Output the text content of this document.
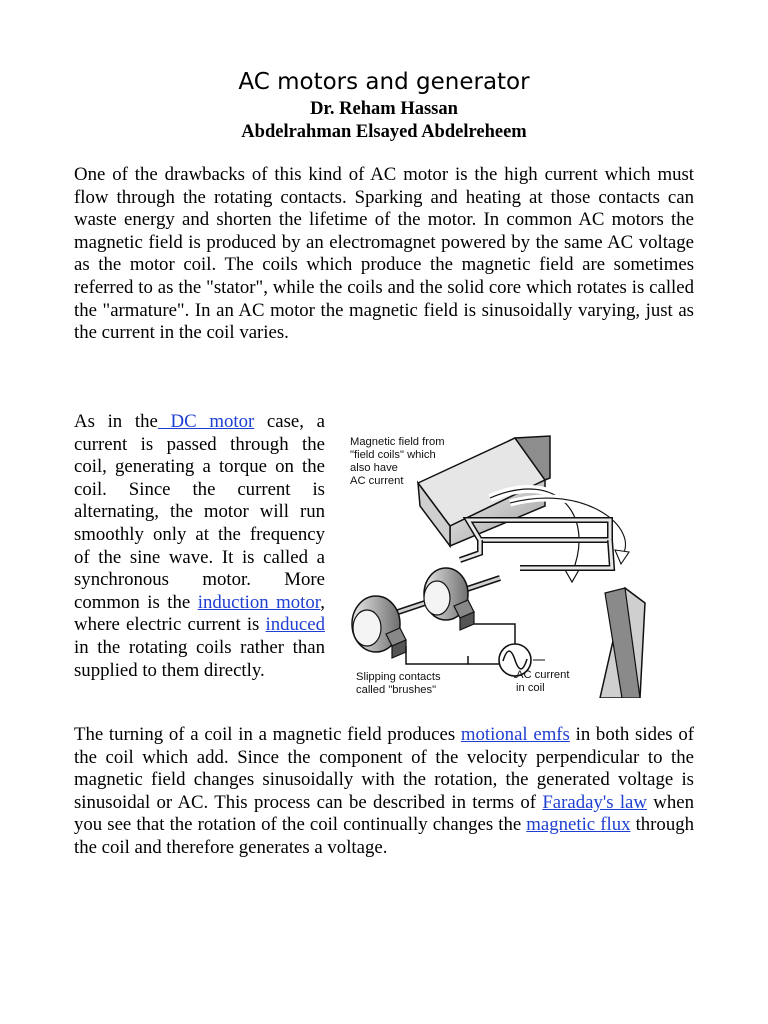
AC motors and generator
Dr. Reham Hassan
Abdelrahman Elsayed Abdelreheem

One of the drawbacks of this kind of AC motor is the high current which must flow through the rotating contacts. Sparking and heating at those contacts can waste energy and shorten the lifetime of the motor. In common AC motors the magnetic field is produced by an electromagnet powered by the same AC voltage as the motor coil. The coils which produce the magnetic field are sometimes referred to as the "stator", while the coils and the solid core which rotates is called the "armature". In an AC motor the magnetic field is sinusoidally varying, just as the current in the coil varies.

As in the DC motor case, a current is passed through the coil, generating a torque on the coil. Since the current is alternating, the motor will run smoothly only at the frequency of the sine wave. It is called a synchronous motor. More common is the induction motor, where electric current is induced in the rotating coils rather than supplied to them directly.

Magnetic field from
"field coils" which
also have
AC current
Slipping contacts
called "brushes"
AC current
in coil

The turning of a coil in a magnetic field produces motional emfs in both sides of the coil which add. Since the component of the velocity perpendicular to the magnetic field changes sinusoidally with the rotation, the generated voltage is sinusoidal or AC. This process can be described in terms of Faraday's law when you see that the rotation of the coil continually changes the magnetic flux through the coil and therefore generates a voltage.
